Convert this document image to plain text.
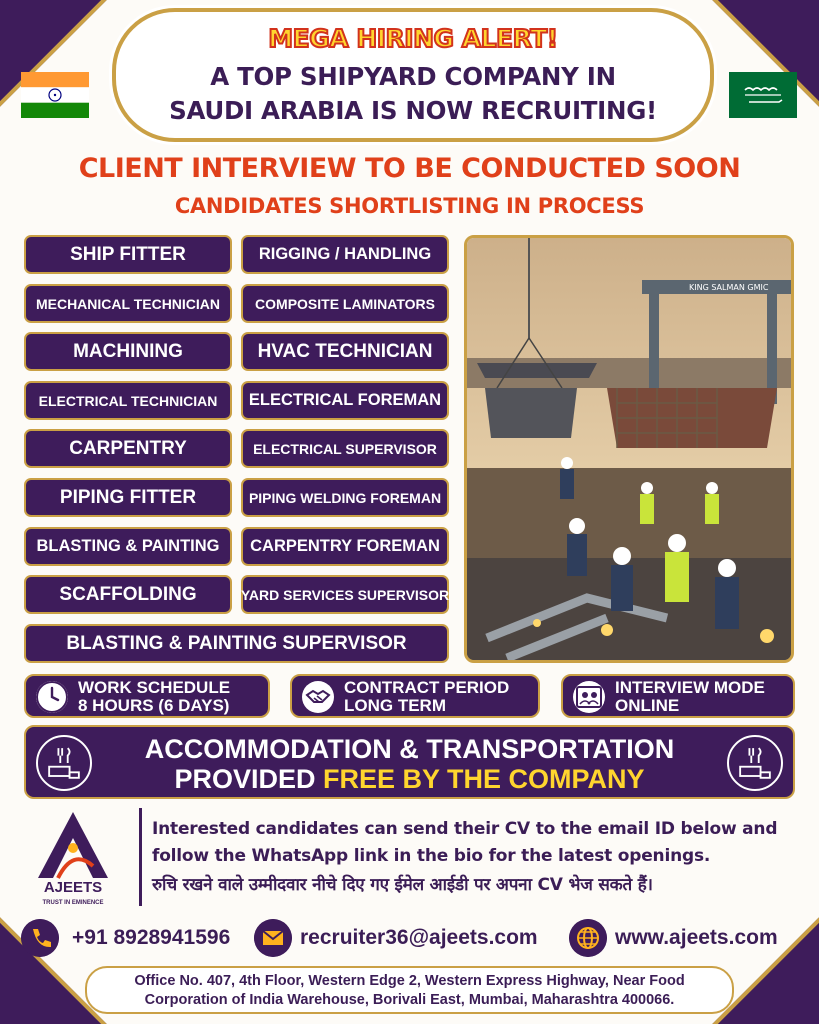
MEGA HIRING ALERT!
A TOP SHIPYARD COMPANY IN
SAUDI ARABIA IS NOW RECRUITING!
CLIENT INTERVIEW TO BE CONDUCTED SOON
CANDIDATES SHORTLISTING IN PROCESS
SHIP FITTER
MECHANICAL TECHNICIAN
MACHINING
ELECTRICAL TECHNICIAN
CARPENTRY
PIPING FITTER
BLASTING & PAINTING
SCAFFOLDING
RIGGING / HANDLING
COMPOSITE LAMINATORS
HVAC TECHNICIAN
ELECTRICAL FOREMAN
ELECTRICAL SUPERVISOR
PIPING WELDING FOREMAN
CARPENTRY FOREMAN
YARD SERVICES SUPERVISOR
BLASTING & PAINTING SUPERVISOR
KING SALMAN GMIC
WORK SCHEDULE
8 HOURS (6 DAYS)
CONTRACT PERIOD
LONG TERM
INTERVIEW MODE
ONLINE
ACCOMMODATION & TRANSPORTATION
PROVIDED FREE BY THE COMPANY
AJEETS
TRUST IN EMINENCE
Interested candidates can send their CV to the email ID below and
follow the WhatsApp link in the bio for the latest openings.
रुचि रखने वाले उम्मीदवार नीचे दिए गए ईमेल आईडी पर अपना CV भेज सकते हैं।
+91 8928941596	recruiter36@ajeets.com	www.ajeets.com
Office No. 407, 4th Floor, Western Edge 2, Western Express Highway, Near Food
Corporation of India Warehouse, Borivali East, Mumbai, Maharashtra 400066.
